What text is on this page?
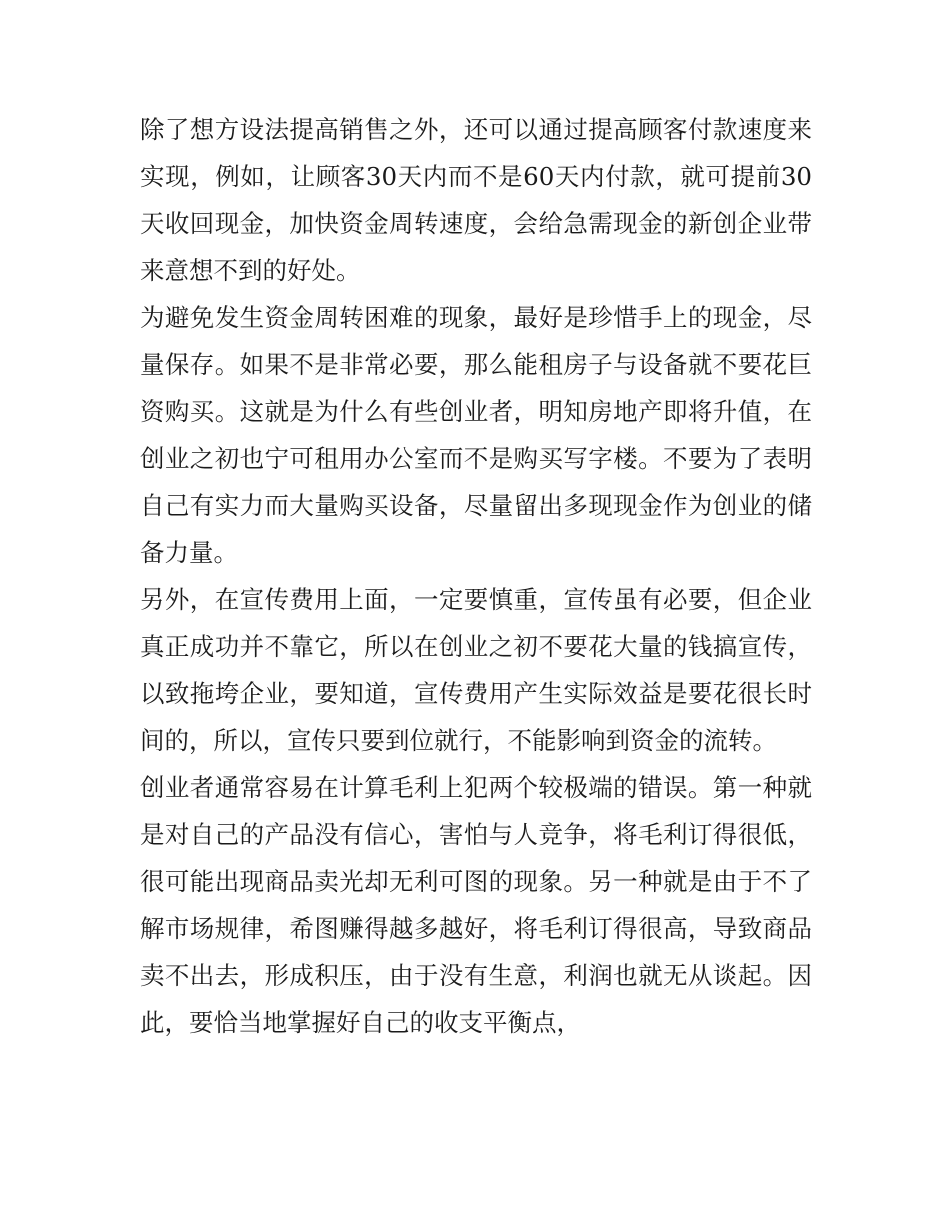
除了想方设法提高销售之外，还可以通过提高顾客付款速度来
实现，例如，让顾客30天内而不是60天内付款，就可提前30
天收回现金，加快资金周转速度，会给急需现金的新创企业带
来意想不到的好处。
为避免发生资金周转困难的现象，最好是珍惜手上的现金，尽
量保存。如果不是非常必要，那么能租房子与设备就不要花巨
资购买。这就是为什么有些创业者，明知房地产即将升值，在
创业之初也宁可租用办公室而不是购买写字楼。不要为了表明
自己有实力而大量购买设备，尽量留出多现现金作为创业的储
备力量。
另外，在宣传费用上面，一定要慎重，宣传虽有必要，但企业
真正成功并不靠它，所以在创业之初不要花大量的钱搞宣传，
以致拖垮企业，要知道，宣传费用产生实际效益是要花很长时
间的，所以，宣传只要到位就行，不能影响到资金的流转。
创业者通常容易在计算毛利上犯两个较极端的错误。第一种就
是对自己的产品没有信心，害怕与人竞争，将毛利订得很低，
很可能出现商品卖光却无利可图的现象。另一种就是由于不了
解市场规律，希图赚得越多越好，将毛利订得很高，导致商品
卖不出去，形成积压，由于没有生意，利润也就无从谈起。因
此，要恰当地掌握好自己的收支平衡点，
